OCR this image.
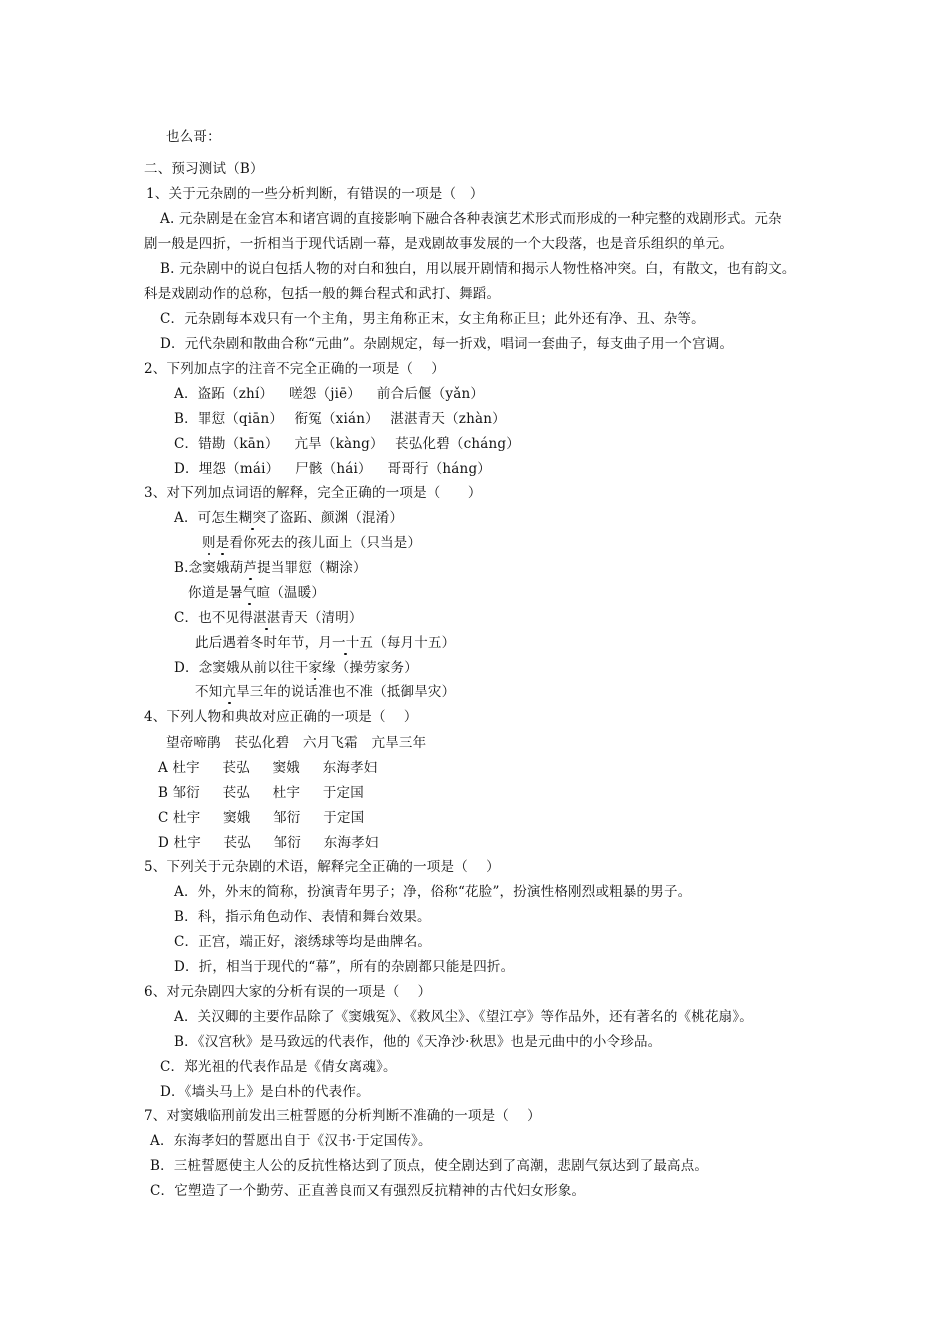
也么哥：
二、预习测试（B）
1、关于元杂剧的一些分析判断，有错误的一项是（　）
A. 元杂剧是在金宫本和诸宫调的直接影响下融合各种表演艺术形式而形成的一种完整的戏剧形式。元杂
剧一般是四折，一折相当于现代话剧一幕，是戏剧故事发展的一个大段落，也是音乐组织的单元。
B. 元杂剧中的说白包括人物的对白和独白，用以展开剧情和揭示人物性格冲突。白，有散文，也有韵文。
科是戏剧动作的总称，包括一般的舞台程式和武打、舞蹈。
C．元杂剧每本戏只有一个主角，男主角称正末，女主角称正旦；此外还有净、丑、杂等。
D．元代杂剧和散曲合称“元曲”。杂剧规定，每一折戏，唱词一套曲子，每支曲子用一个宫调。
2、下列加点字的注音不完全正确的一项是（　 ）
A．盗跖（zhí）　  嗟怨（jiē）　  前合后偃（yǎn）
B．罪愆（qiān）　 衔冤（xián）　 湛湛青天（zhàn）
C．错勘（kān）　  亢旱（kàng）　 苌弘化碧（cháng）
D．埋怨（mái）　  尸骸（hái）　  哥哥行（háng）
3、对下列加点词语的解释，完全正确的一项是（　　）
A．可怎生糊突了盗跖、颜渊（混淆）
则是看你死去的孩儿面上（只当是）
B.念窦娥葫芦提当罪愆（糊涂）
你道是暑气暄（温暖）
C．也不见得湛湛青天（清明）
此后遇着冬时年节，月一十五（每月十五）
D．念窦娥从前以往干家缘（操劳家务）
不知亢旱三年的说话准也不准（抵御旱灾）
4、下列人物和典故对应正确的一项是（　 ）
望帝啼鹃　苌弘化碧　六月飞霜　亢旱三年
A 杜宇　  苌弘　  窦娥　  东海孝妇
B 邹衍　  苌弘　  杜宇　  于定国
C 杜宇　  窦娥　  邹衍　  于定国
D 杜宇　  苌弘　  邹衍　  东海孝妇
5、下列关于元杂剧的术语，解释完全正确的一项是（　 ）
A．外，外末的简称，扮演青年男子；净，俗称“花脸”，扮演性格刚烈或粗暴的男子。
B．科，指示角色动作、表情和舞台效果。
C．正宫，端正好，滚绣球等均是曲牌名。
D．折，相当于现代的“幕”，所有的杂剧都只能是四折。
6、对元杂剧四大家的分析有误的一项是（　 ）
A．关汉卿的主要作品除了《窦娥冤》、《救风尘》、《望江亭》等作品外，还有著名的《桃花扇》。
B．《汉宫秋》是马致远的代表作，他的《天净沙·秋思》也是元曲中的小令珍品。
C．郑光祖的代表作品是《倩女离魂》。
D．《墙头马上》是白朴的代表作。
7、对窦娥临刑前发出三桩誓愿的分析判断不准确的一项是（　 ）
A．东海孝妇的誓愿出自于《汉书·于定国传》。
B．三桩誓愿使主人公的反抗性格达到了顶点，使全剧达到了高潮，悲剧气氛达到了最高点。
C．它塑造了一个勤劳、正直善良而又有强烈反抗精神的古代妇女形象。
